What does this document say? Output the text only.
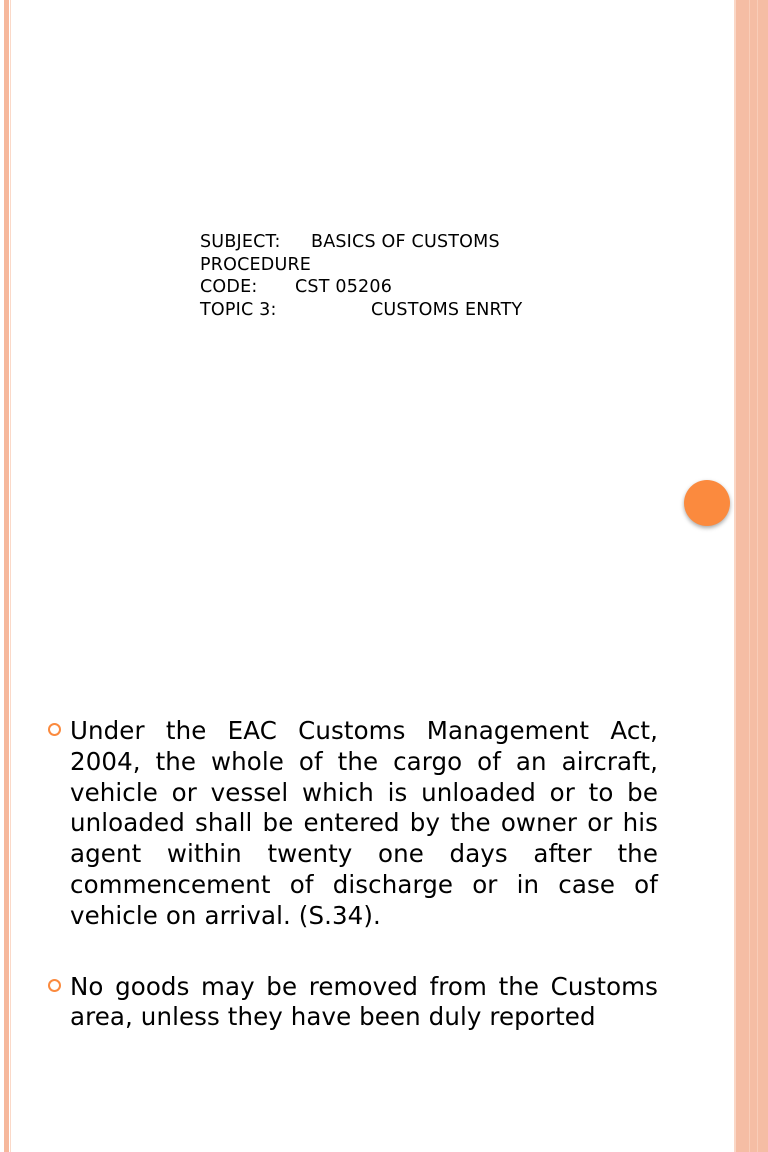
SUBJECT: BASICS OF CUSTOMS
PROCEDURE
CODE: CST 05206
TOPIC 3:	CUSTOMS ENRTY
Under the EAC Customs Management Act, 2004, the whole of the cargo of an aircraft, vehicle or vessel which is unloaded or to be unloaded shall be entered by the owner or his agent within twenty one days after the commencement of discharge or in case of vehicle on arrival. (S.34).
No goods may be removed from the Customs area, unless they have been duly reported
